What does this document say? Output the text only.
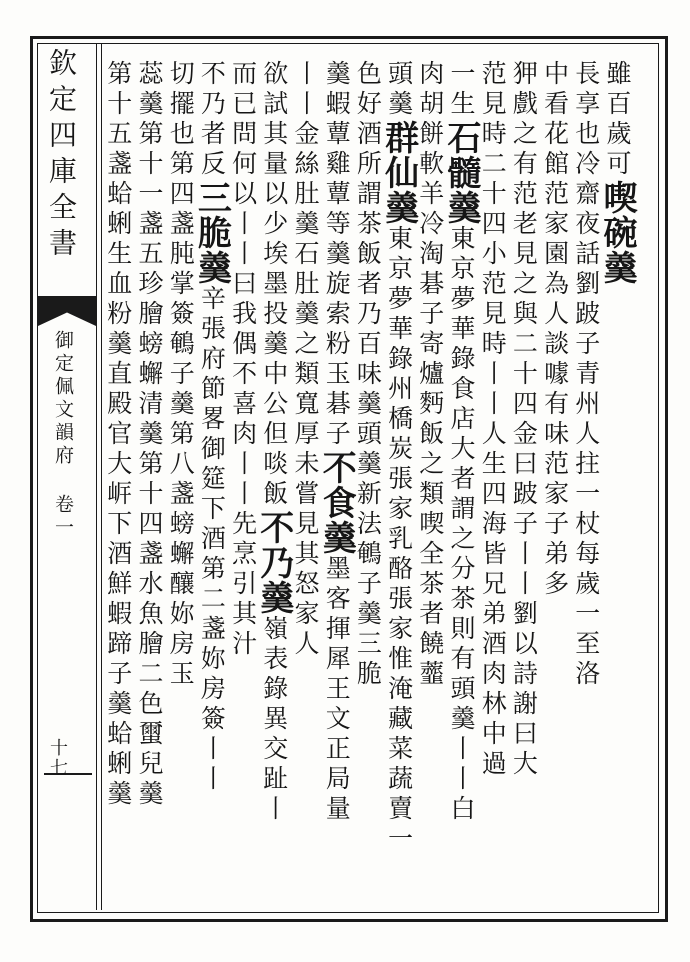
欽定四庫全書
御定佩文韻府 卷一
十七
雖百歲可喫碗羹
長享也冷齋夜話劉跛子青州人拄一杖每歲一至洛
中看花館范家園為人談噱有味范家子弟多
狎戲之有范老見之與二十四金曰跛子丨丨劉以詩謝曰大
范見時二十四小范見時丨丨人生四海皆兄弟酒肉林中過
一生石髓羹東京夢華錄食店大者謂之分茶則有頭羹丨丨白
肉胡餅軟羊冷淘碁子寄爐麪飯之類喫全茶者饒虀
頭羹群仙羹東京夢華錄州橋炭張家乳酪張家惟淹藏菜蔬賣一
色好酒所謂茶飯者乃百味羹頭羹新法鵪子羹三脆
羹蝦蕈雞蕈等羹旋索粉玉碁子不食羹墨客揮犀王文正局量
丨丨金絲肚羹石肚羹之類寬厚未嘗見其怒家人
欲試其量以少埃墨投羹中公但啖飯不乃羹嶺表錄異交趾丨
而已問何以丨丨曰我偶不喜肉丨丨先烹引其汁
不乃者反三脆羹辛張府節畧御筵下酒第二盞妳房簽丨丨
切擺也第四盞肫掌簽鵪子羹第八盞螃蠏釀妳房玉
蕊羹第十一盞五珍膾螃蠏清羹第十四盞水魚膾二色蠒兒羹
第十五盞蛤蜊生血粉羹直殿官大㟁下酒鮮蝦蹄子羹蛤蜊羹
